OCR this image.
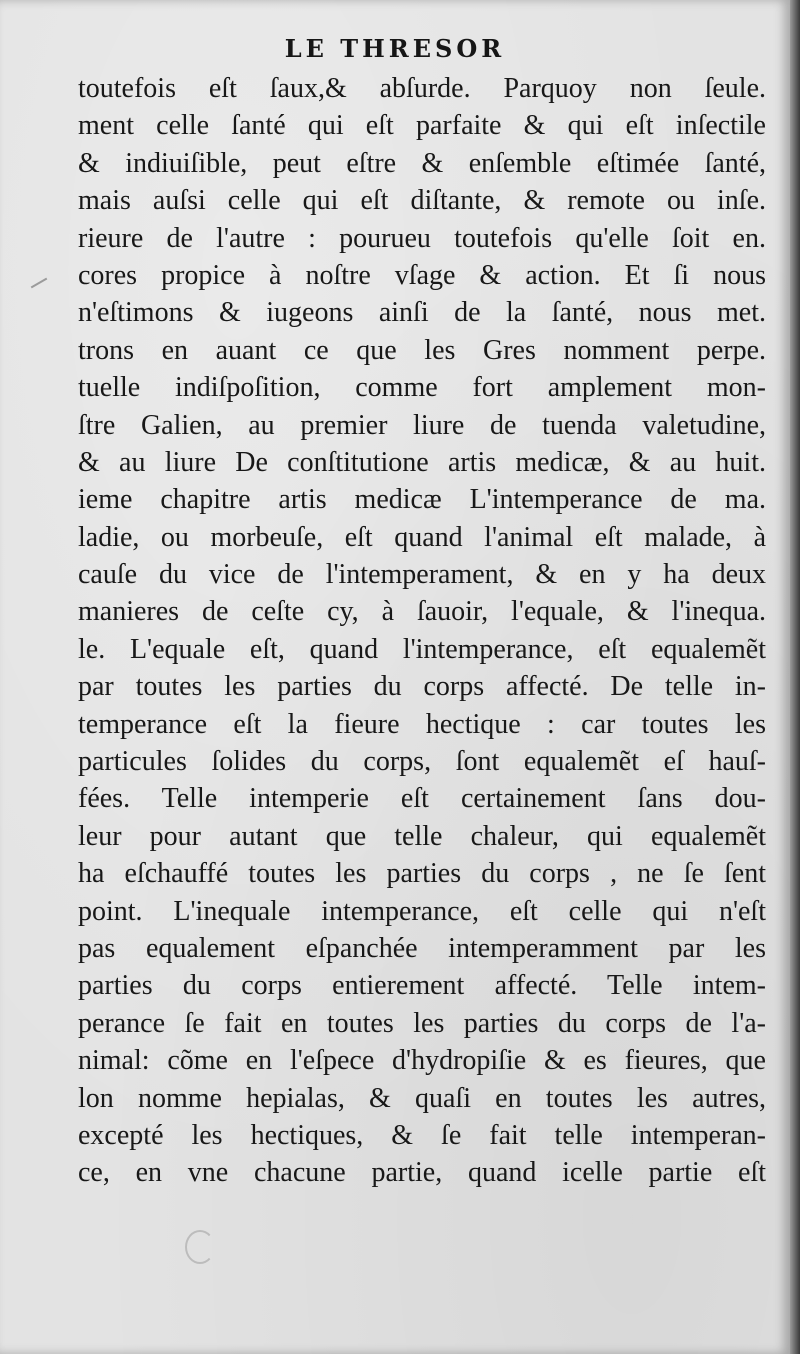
LE THRESOR
toutefois eſt ſaux,& abſurde. Parquoy non ſeule.
ment celle ſanté qui eſt parfaite & qui eſt inſectile
& indiuiſible, peut eſtre & enſemble eſtimée ſanté,
mais auſsi celle qui eſt diſtante, & remote ou inſe.
rieure de l'autre : pourueu toutefois qu'elle ſoit en.
cores propice à noſtre vſage & action. Et ſi nous
n'eſtimons & iugeons ainſi de la ſanté, nous met.
trons en auant ce que les Gres nomment perpe.
tuelle indiſpoſition, comme fort amplement mon-
ſtre Galien, au premier liure de tuenda valetudine,
& au liure De conſtitutione artis medicæ, & au huit.
ieme chapitre artis medicæ L'intemperance de ma.
ladie, ou morbeuſe, eſt quand l'animal eſt malade, à
cauſe du vice de l'intemperament, & en y ha deux
manieres de ceſte cy, à ſauoir, l'equale, & l'inequa.
le. L'equale eſt, quand l'intemperance, eſt equalemẽt
par toutes les parties du corps affecté. De telle in-
temperance eſt la fieure hectique : car toutes les
particules ſolides du corps, ſont equalemẽt eſ hauſ-
fées. Telle intemperie eſt certainement ſans dou-
leur pour autant que telle chaleur, qui equalemẽt
ha eſchauffé toutes les parties du corps , ne ſe ſent
point. L'inequale intemperance, eſt celle qui n'eſt
pas equalement eſpanchée intemperamment par les
parties du corps entierement affecté. Telle intem-
perance ſe fait en toutes les parties du corps de l'a-
nimal: cõme en l'eſpece d'hydropiſie & es fieures, que
lon nomme hepialas, & quaſi en toutes les autres,
excepté les hectiques, & ſe fait telle intemperan-
ce, en vne chacune partie, quand icelle partie eſt
